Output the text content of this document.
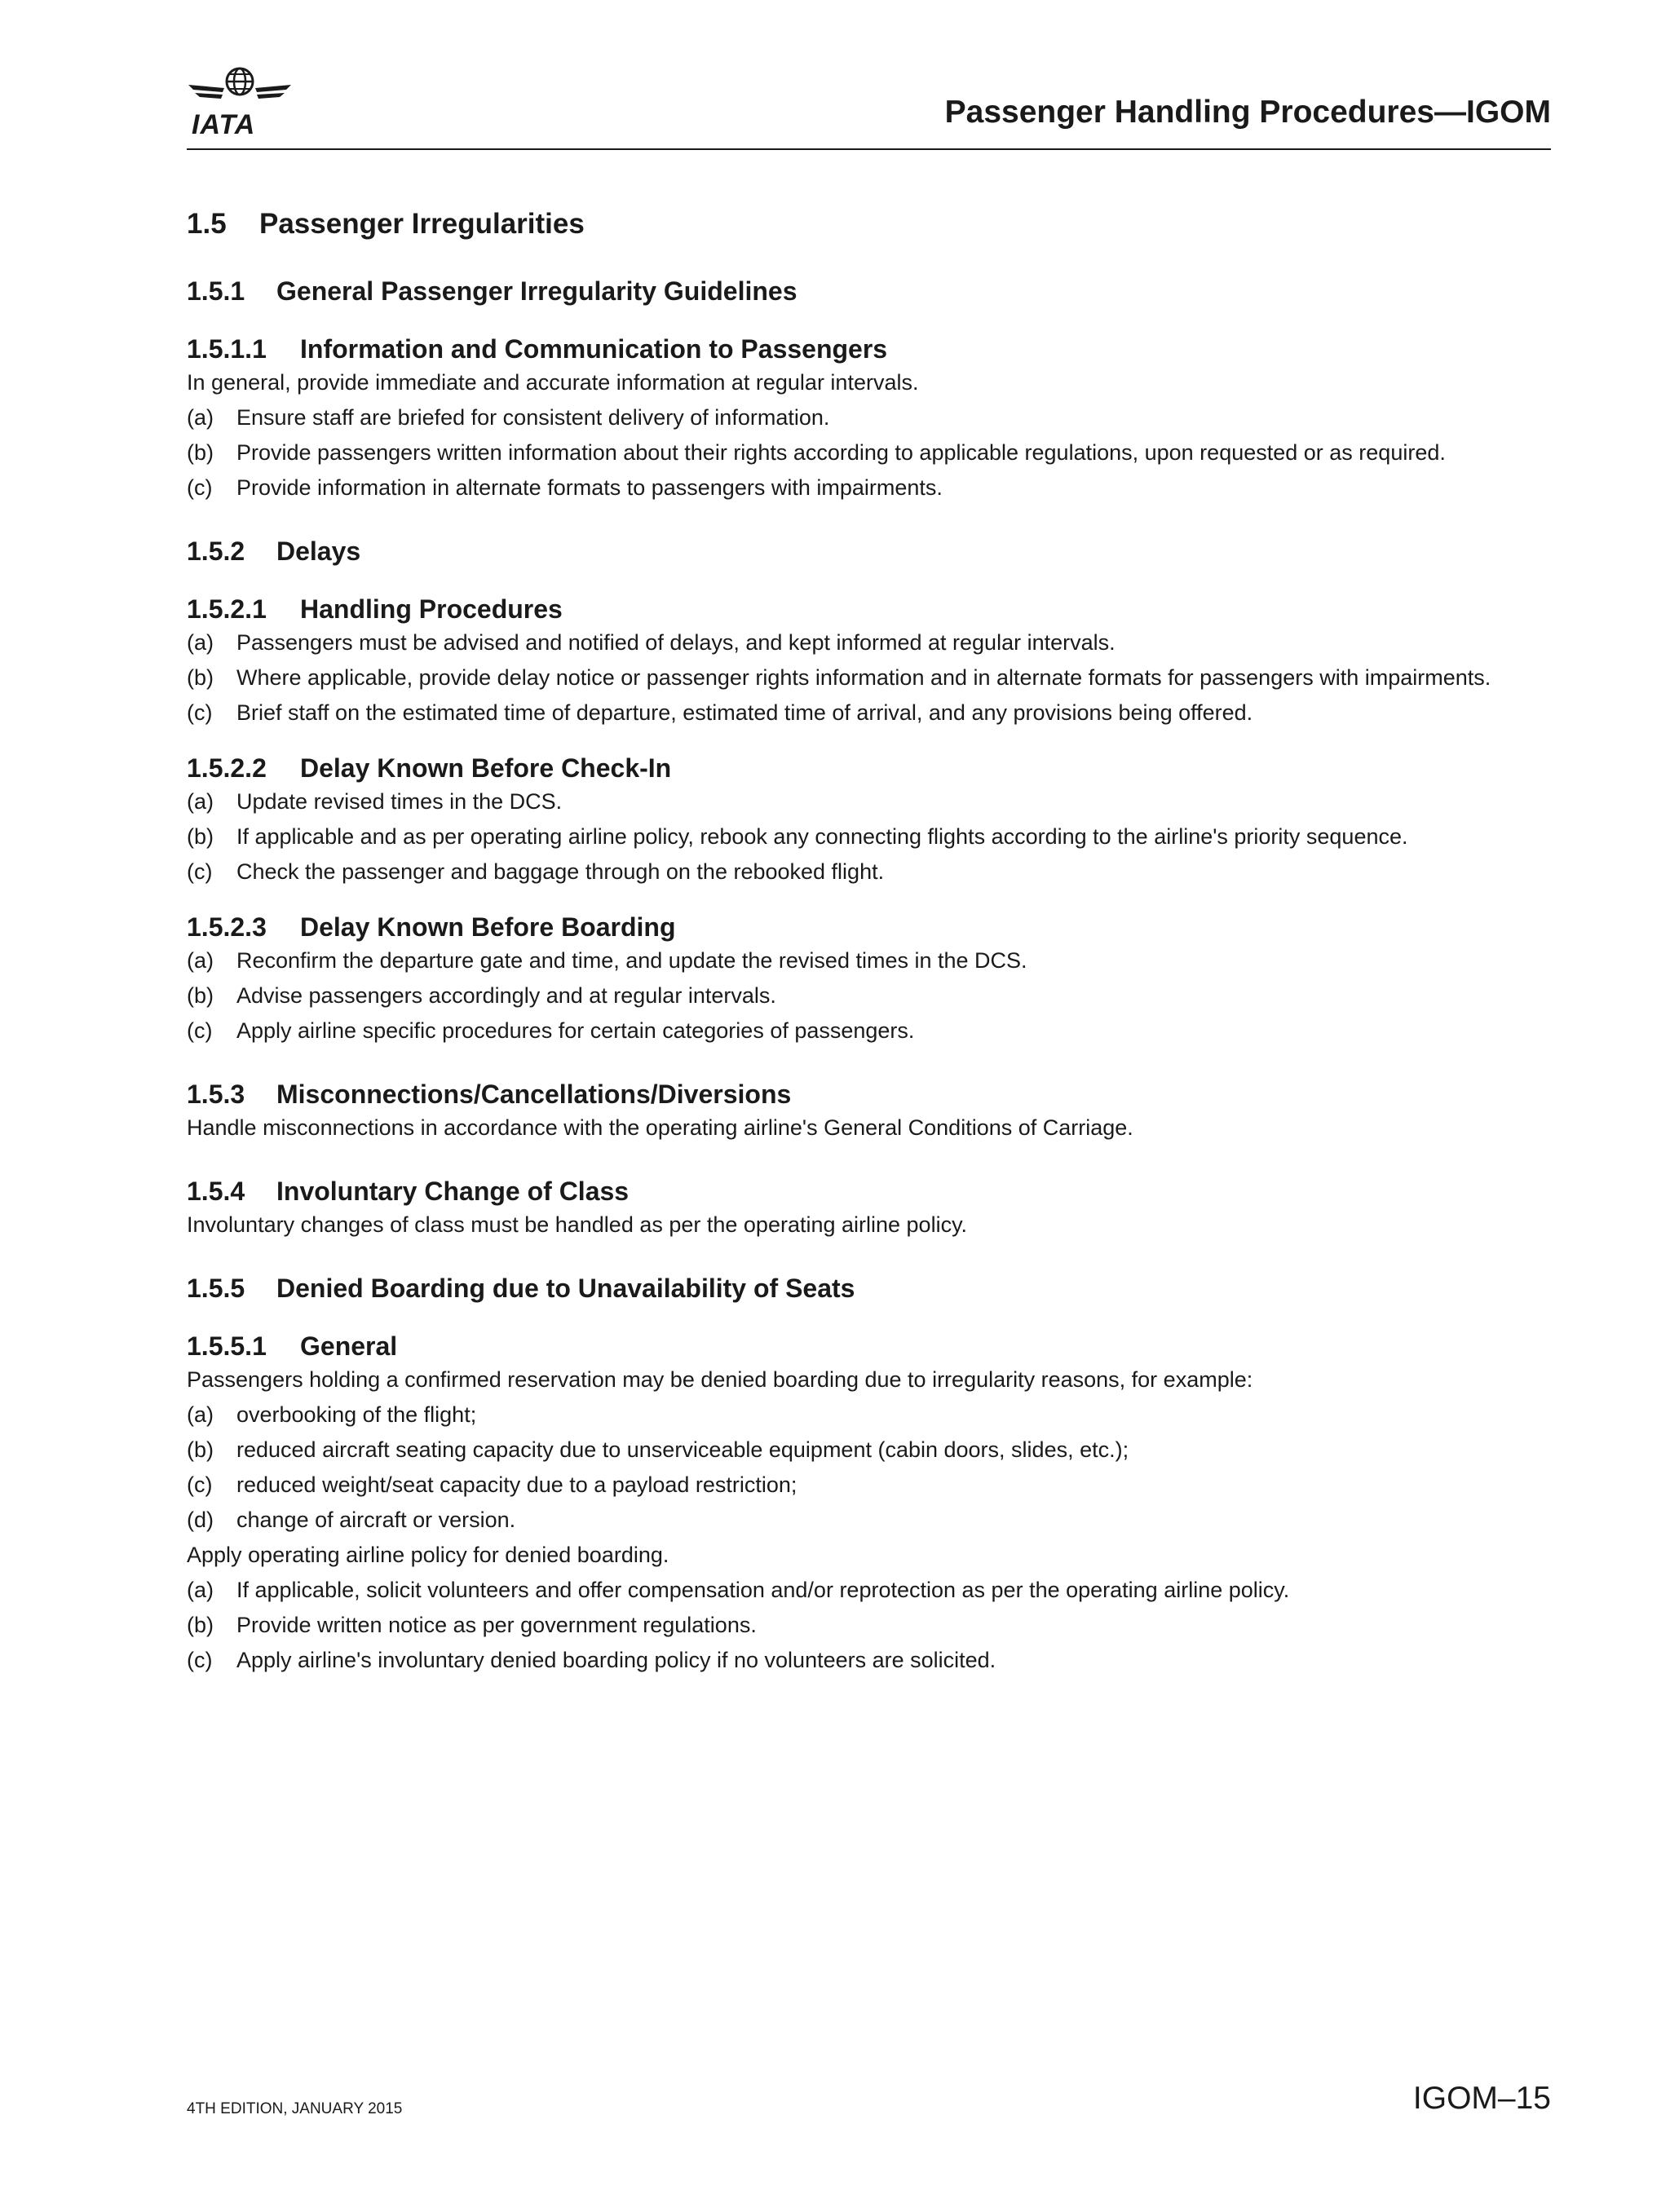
IATA	Passenger Handling Procedures—IGOM
1.5 Passenger Irregularities
1.5.1 General Passenger Irregularity Guidelines
1.5.1.1 Information and Communication to Passengers

In general, provide immediate and accurate information at regular intervals.

(a)	Ensure staff are briefed for consistent delivery of information.
(b)	Provide passengers written information about their rights according to applicable regulations, upon requested or as required.
(c)	Provide information in alternate formats to passengers with impairments.
1.5.2 Delays
1.5.2.1 Handling Procedures
(a)	Passengers must be advised and notified of delays, and kept informed at regular intervals.
(b)	Where applicable, provide delay notice or passenger rights information and in alternate formats for passengers with impairments.
(c)	Brief staff on the estimated time of departure, estimated time of arrival, and any provisions being offered.
1.5.2.2 Delay Known Before Check-In
(a)	Update revised times in the DCS.
(b)	If applicable and as per operating airline policy, rebook any connecting flights according to the airline's priority sequence.
(c)	Check the passenger and baggage through on the rebooked flight.
1.5.2.3 Delay Known Before Boarding
(a)	Reconfirm the departure gate and time, and update the revised times in the DCS.
(b)	Advise passengers accordingly and at regular intervals.
(c)	Apply airline specific procedures for certain categories of passengers.
1.5.3 Misconnections/Cancellations/Diversions

Handle misconnections in accordance with the operating airline's General Conditions of Carriage.

1.5.4 Involuntary Change of Class

Involuntary changes of class must be handled as per the operating airline policy.

1.5.5 Denied Boarding due to Unavailability of Seats
1.5.5.1 General

Passengers holding a confirmed reservation may be denied boarding due to irregularity reasons, for example:

(a)	overbooking of the flight;
(b)	reduced aircraft seating capacity due to unserviceable equipment (cabin doors, slides, etc.);
(c)	reduced weight/seat capacity due to a payload restriction;
(d)	change of aircraft or version.

Apply operating airline policy for denied boarding.

(a)	If applicable, solicit volunteers and offer compensation and/or reprotection as per the operating airline policy.
(b)	Provide written notice as per government regulations.
(c)	Apply airline's involuntary denied boarding policy if no volunteers are solicited.
4TH EDITION, JANUARY 2015	IGOM–15
